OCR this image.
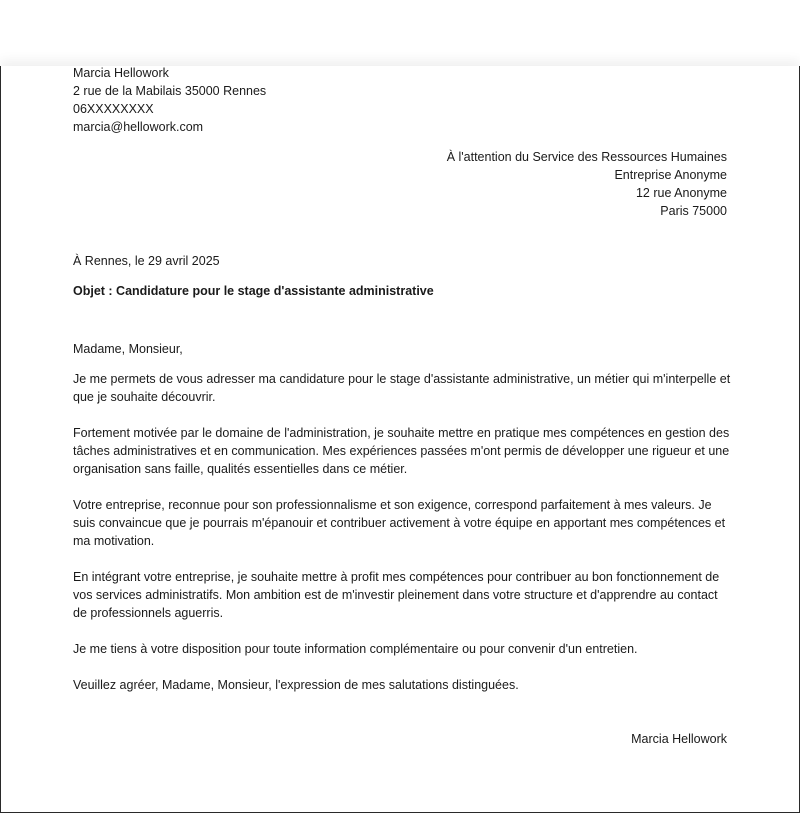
Marcia Hellowork
2 rue de la Mabilais 35000 Rennes
06XXXXXXXX
marcia@hellowork.com
À l'attention du Service des Ressources Humaines
Entreprise Anonyme
12 rue Anonyme
Paris 75000
À Rennes, le 29 avril 2025
Objet : Candidature pour le stage d'assistante administrative
Madame, Monsieur,
Je me permets de vous adresser ma candidature pour le stage d'assistante administrative, un métier qui m'interpelle et que je souhaite découvrir.
Fortement motivée par le domaine de l'administration, je souhaite mettre en pratique mes compétences en gestion des tâches administratives et en communication. Mes expériences passées m'ont permis de développer une rigueur et une organisation sans faille, qualités essentielles dans ce métier.
Votre entreprise, reconnue pour son professionnalisme et son exigence, correspond parfaitement à mes valeurs. Je suis convaincue que je pourrais m'épanouir et contribuer activement à votre équipe en apportant mes compétences et ma motivation.
En intégrant votre entreprise, je souhaite mettre à profit mes compétences pour contribuer au bon fonctionnement de vos services administratifs. Mon ambition est de m'investir pleinement dans votre structure et d'apprendre au contact de professionnels aguerris.
Je me tiens à votre disposition pour toute information complémentaire ou pour convenir d'un entretien.
Veuillez agréer, Madame, Monsieur, l'expression de mes salutations distinguées.
Marcia Hellowork
